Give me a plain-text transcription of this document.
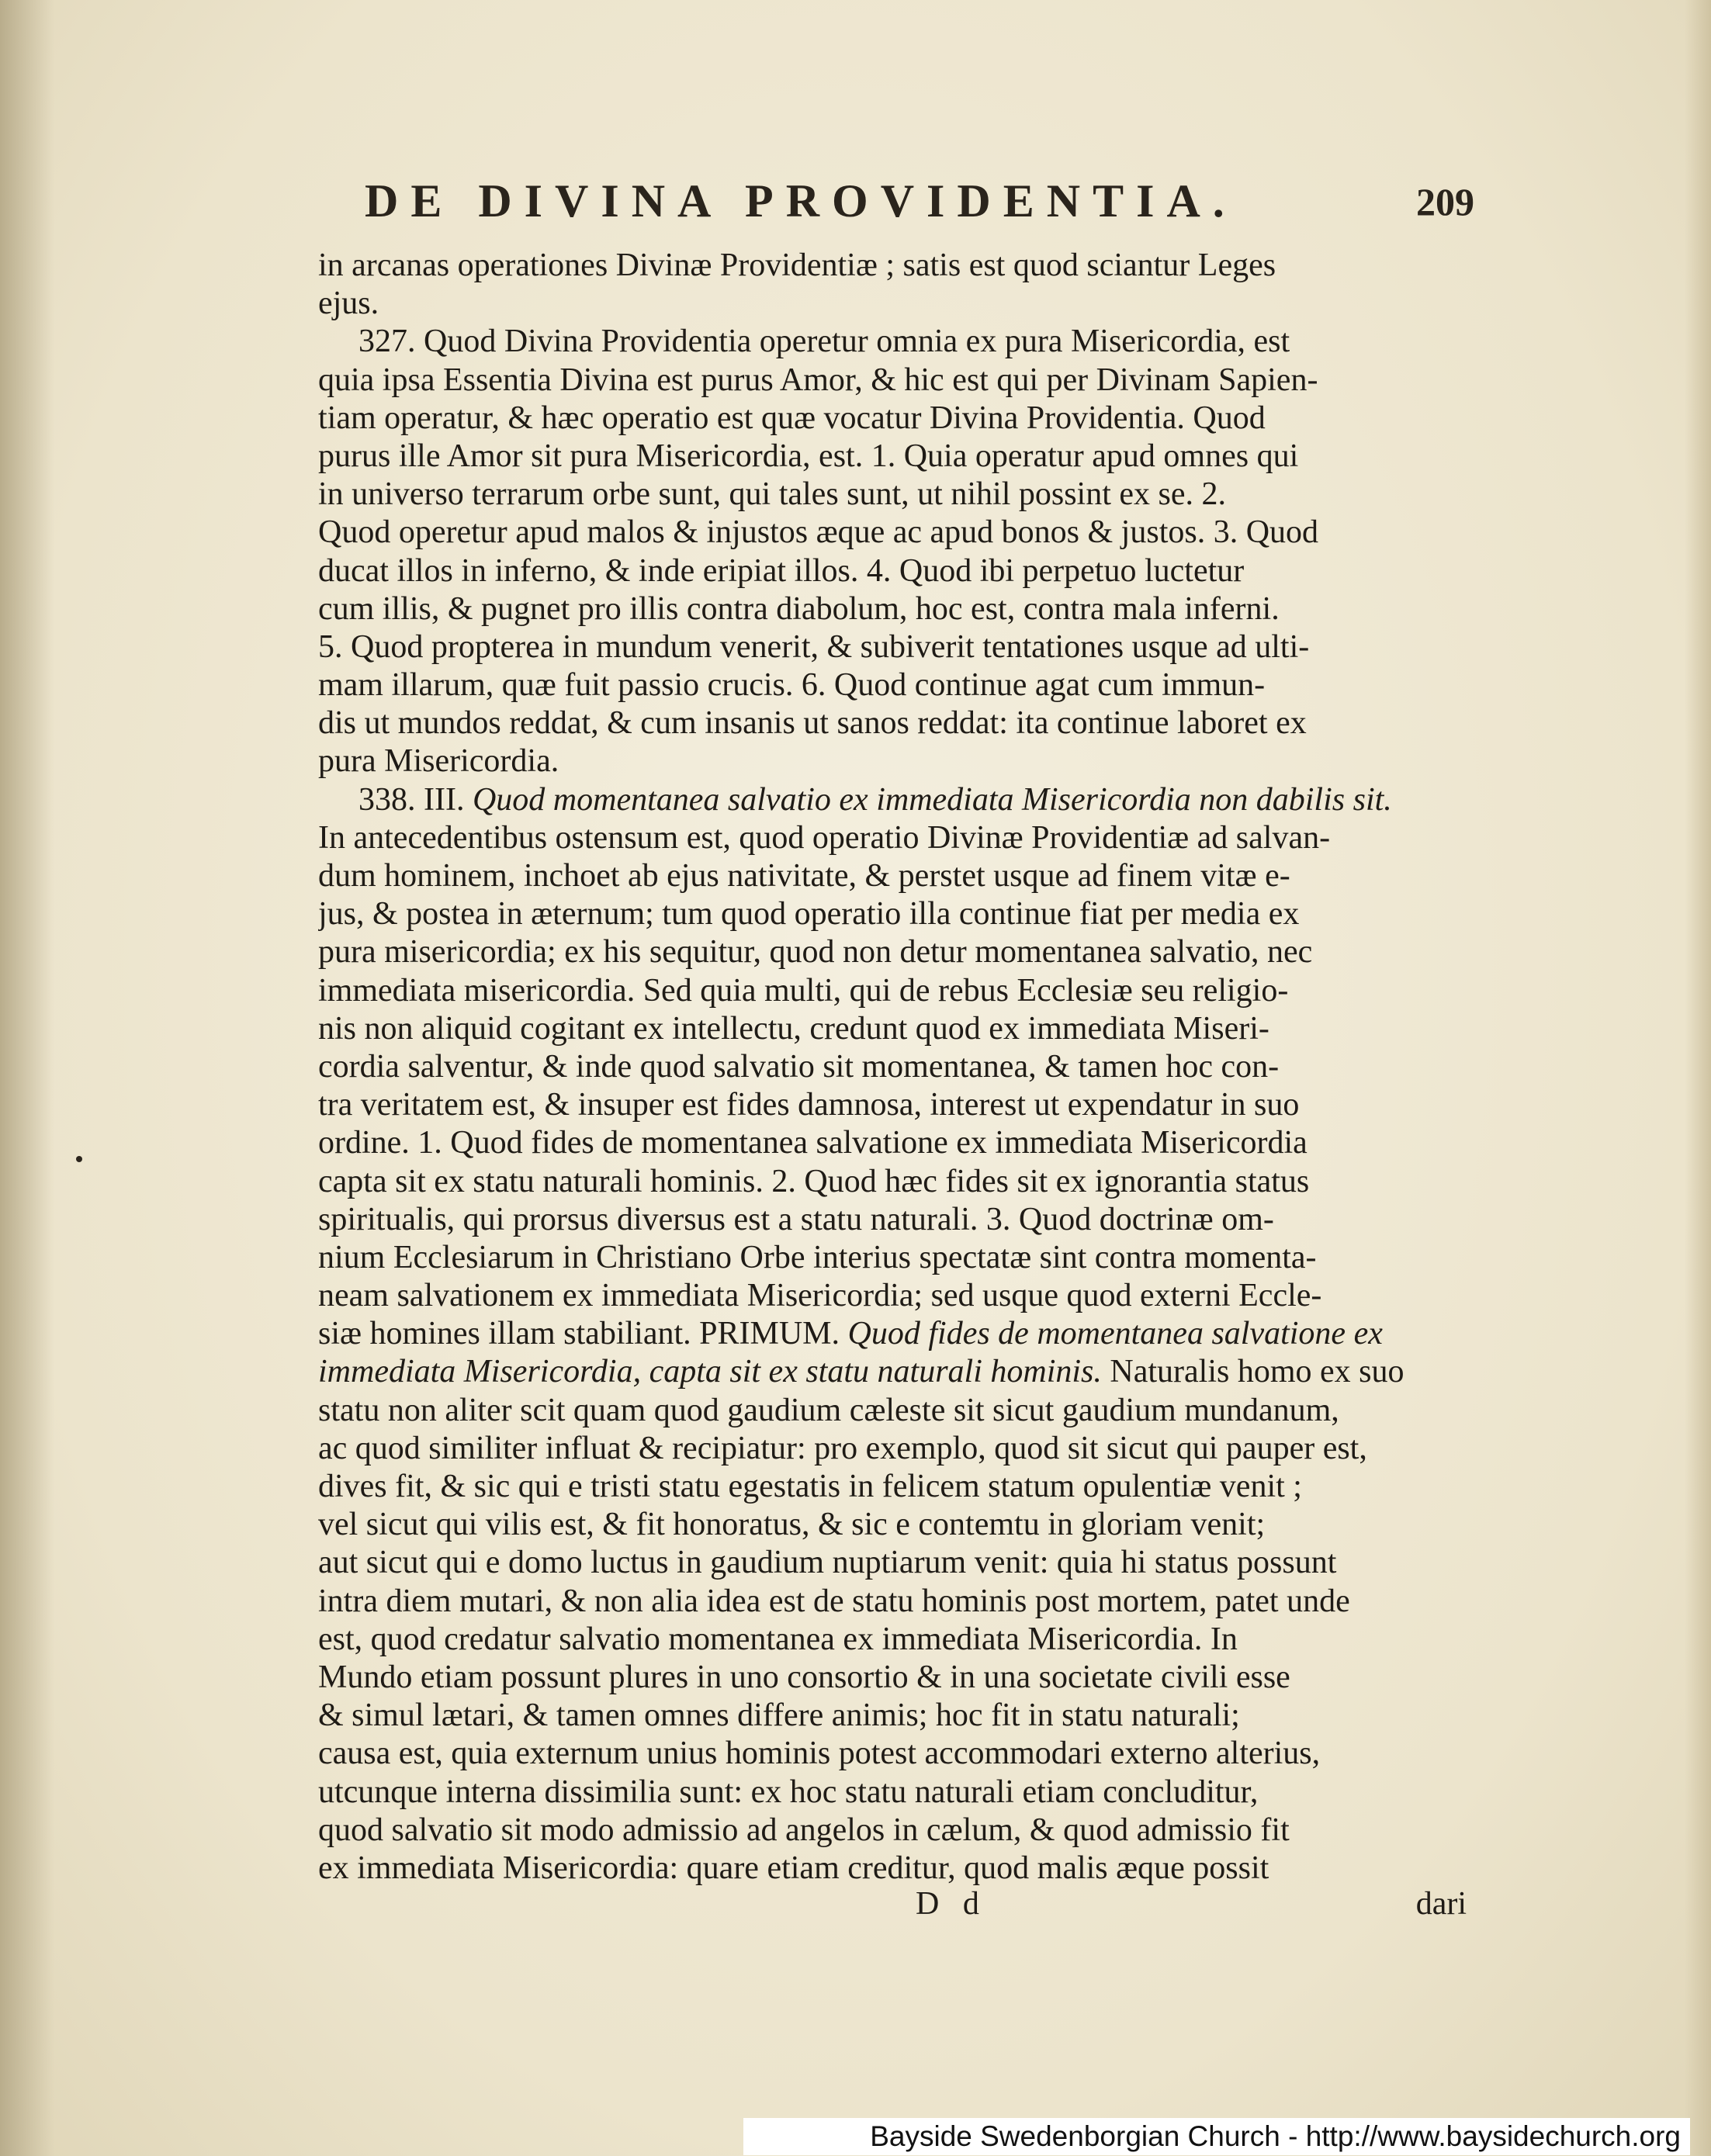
DE DIVINA PROVIDENTIA.	209
in arcanas operationes Divinæ Providentiæ ; satis est quod sciantur Leges
ejus.
327. Quod Divina Providentia operetur omnia ex pura Misericordia, est
quia ipsa Essentia Divina est purus Amor, & hic est qui per Divinam Sapien-
tiam operatur, & hæc operatio est quæ vocatur Divina Providentia. Quod
purus ille Amor sit pura Misericordia, est. 1. Quia operatur apud omnes qui
in universo terrarum orbe sunt, qui tales sunt, ut nihil possint ex se. 2.
Quod operetur apud malos & injustos æque ac apud bonos & justos. 3. Quod
ducat illos in inferno, & inde eripiat illos. 4. Quod ibi perpetuo luctetur
cum illis, & pugnet pro illis contra diabolum, hoc est, contra mala inferni.
5. Quod propterea in mundum venerit, & subiverit tentationes usque ad ulti-
mam illarum, quæ fuit passio crucis. 6. Quod continue agat cum immun-
dis ut mundos reddat, & cum insanis ut sanos reddat: ita continue laboret ex
pura Misericordia.
338. III. Quod momentanea salvatio ex immediata Misericordia non dabilis sit.
In antecedentibus ostensum est, quod operatio Divinæ Providentiæ ad salvan-
dum hominem, inchoet ab ejus nativitate, & perstet usque ad finem vitæ e-
jus, & postea in æternum; tum quod operatio illa continue fiat per media ex
pura misericordia; ex his sequitur, quod non detur momentanea salvatio, nec
immediata misericordia. Sed quia multi, qui de rebus Ecclesiæ seu religio-
nis non aliquid cogitant ex intellectu, credunt quod ex immediata Miseri-
cordia salventur, & inde quod salvatio sit momentanea, & tamen hoc con-
tra veritatem est, & insuper est fides damnosa, interest ut expendatur in suo
ordine. 1. Quod fides de momentanea salvatione ex immediata Misericordia
capta sit ex statu naturali hominis. 2. Quod hæc fides sit ex ignorantia status
spiritualis, qui prorsus diversus est a statu naturali. 3. Quod doctrinæ om-
nium Ecclesiarum in Christiano Orbe interius spectatæ sint contra momenta-
neam salvationem ex immediata Misericordia; sed usque quod externi Eccle-
siæ homines illam stabiliant. PRIMUM. Quod fides de momentanea salvatione ex
immediata Misericordia, capta sit ex statu naturali hominis. Naturalis homo ex suo
statu non aliter scit quam quod gaudium cæleste sit sicut gaudium mundanum,
ac quod similiter influat & recipiatur: pro exemplo, quod sit sicut qui pauper est,
dives fit, & sic qui e tristi statu egestatis in felicem statum opulentiæ venit ;
vel sicut qui vilis est, & fit honoratus, & sic e contemtu in gloriam venit;
aut sicut qui e domo luctus in gaudium nuptiarum venit: quia hi status possunt
intra diem mutari, & non alia idea est de statu hominis post mortem, patet unde
est, quod credatur salvatio momentanea ex immediata Misericordia. In
Mundo etiam possunt plures in uno consortio & in una societate civili esse
& simul lætari, & tamen omnes differe animis; hoc fit in statu naturali;
causa est, quia externum unius hominis potest accommodari externo alterius,
utcunque interna dissimilia sunt: ex hoc statu naturali etiam concluditur,
quod salvatio sit modo admissio ad angelos in cælum, & quod admissio fit
ex immediata Misericordia: quare etiam creditur, quod malis æque possit
D d	dari
Bayside Swedenborgian Church - http://www.baysidechurch.org
